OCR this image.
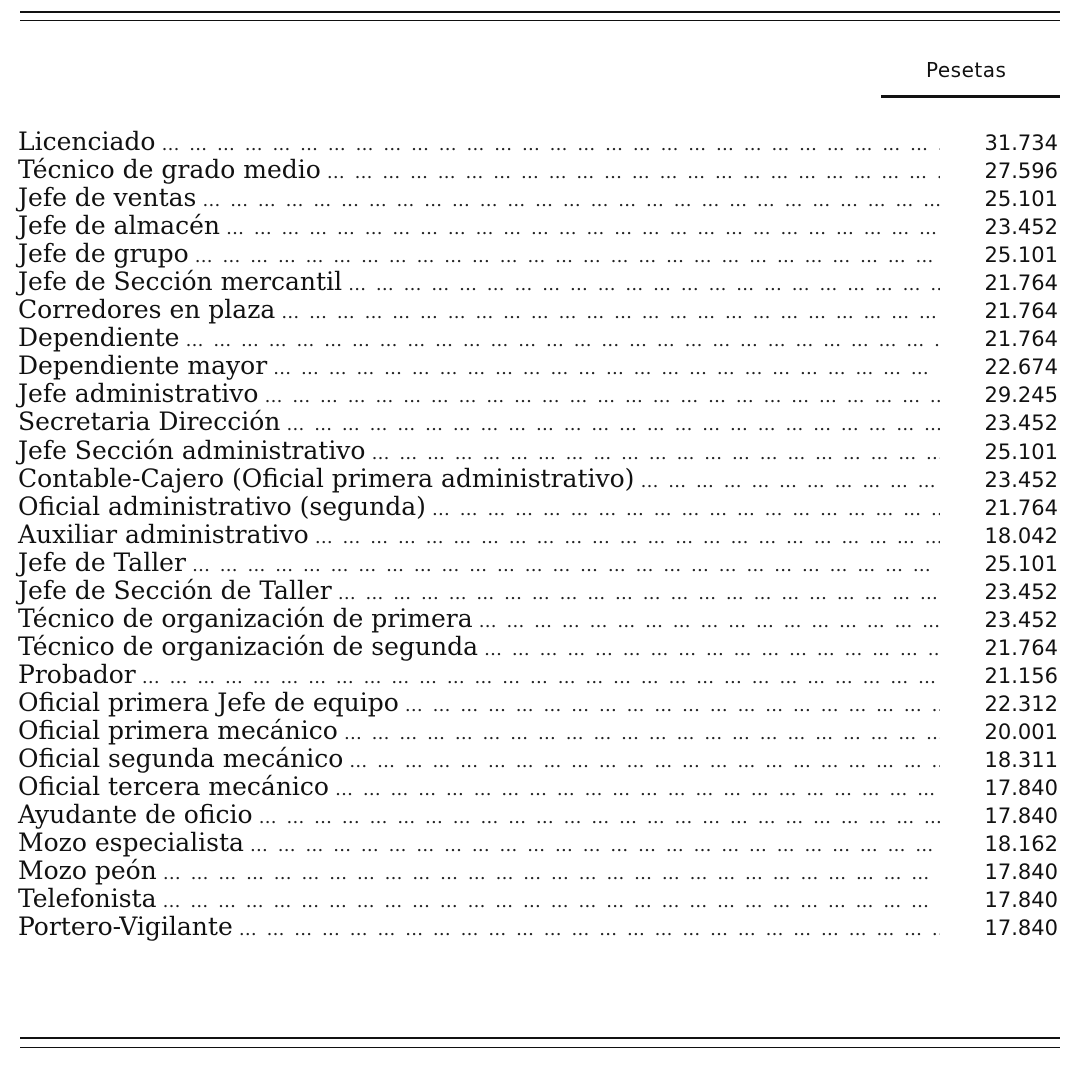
Pesetas
Licenciado … … … … … … … … … … … … … … … … … … … … … … … … … … … … … … … … … … … …	31.734
Técnico de grado medio … … … … … … … … … … … … … … … … … … … … … … … … … … … … … … … … … … … …	27.596
Jefe de ventas … … … … … … … … … … … … … … … … … … … … … … … … … … … … … … … … … … … …	25.101
Jefe de almacén … … … … … … … … … … … … … … … … … … … … … … … … … … … … … … … … … … … …	23.452
Jefe de grupo … … … … … … … … … … … … … … … … … … … … … … … … … … … … … … … … … … … …	25.101
Jefe de Sección mercantil … … … … … … … … … … … … … … … … … … … … … … … … … … … … … … … … … … … …	21.764
Corredores en plaza … … … … … … … … … … … … … … … … … … … … … … … … … … … … … … … … … … … …	21.764
Dependiente … … … … … … … … … … … … … … … … … … … … … … … … … … … … … … … … … … … …	21.764
Dependiente mayor … … … … … … … … … … … … … … … … … … … … … … … … … … … … … … … … … … … …	22.674
Jefe administrativo … … … … … … … … … … … … … … … … … … … … … … … … … … … … … … … … … … … …	29.245
Secretaria Dirección … … … … … … … … … … … … … … … … … … … … … … … … … … … … … … … … … … … …	23.452
Jefe Sección administrativo … … … … … … … … … … … … … … … … … … … … … … … … … … … … … … … … … … … …	25.101
Contable-Cajero (Oficial primera administrativo) … … … … … … … … … … … … … … … … … … … … … … … … … … … … … … … … … … … …	23.452
Oficial administrativo (segunda) … … … … … … … … … … … … … … … … … … … … … … … … … … … … … … … … … … … …	21.764
Auxiliar administrativo … … … … … … … … … … … … … … … … … … … … … … … … … … … … … … … … … … … …	18.042
Jefe de Taller … … … … … … … … … … … … … … … … … … … … … … … … … … … … … … … … … … … …	25.101
Jefe de Sección de Taller … … … … … … … … … … … … … … … … … … … … … … … … … … … … … … … … … … … …	23.452
Técnico de organización de primera … … … … … … … … … … … … … … … … … … … … … … … … … … … … … … … … … … … …	23.452
Técnico de organización de segunda … … … … … … … … … … … … … … … … … … … … … … … … … … … … … … … … … … … …	21.764
Probador … … … … … … … … … … … … … … … … … … … … … … … … … … … … … … … … … … … …	21.156
Oficial primera Jefe de equipo … … … … … … … … … … … … … … … … … … … … … … … … … … … … … … … … … … … …	22.312
Oficial primera mecánico … … … … … … … … … … … … … … … … … … … … … … … … … … … … … … … … … … … …	20.001
Oficial segunda mecánico … … … … … … … … … … … … … … … … … … … … … … … … … … … … … … … … … … … …	18.311
Oficial tercera mecánico … … … … … … … … … … … … … … … … … … … … … … … … … … … … … … … … … … … …	17.840
Ayudante de oficio … … … … … … … … … … … … … … … … … … … … … … … … … … … … … … … … … … … …	17.840
Mozo especialista … … … … … … … … … … … … … … … … … … … … … … … … … … … … … … … … … … … …	18.162
Mozo peón … … … … … … … … … … … … … … … … … … … … … … … … … … … … … … … … … … … …	17.840
Telefonista … … … … … … … … … … … … … … … … … … … … … … … … … … … … … … … … … … … …	17.840
Portero-Vigilante … … … … … … … … … … … … … … … … … … … … … … … … … … … … … … … … … … … …	17.840
